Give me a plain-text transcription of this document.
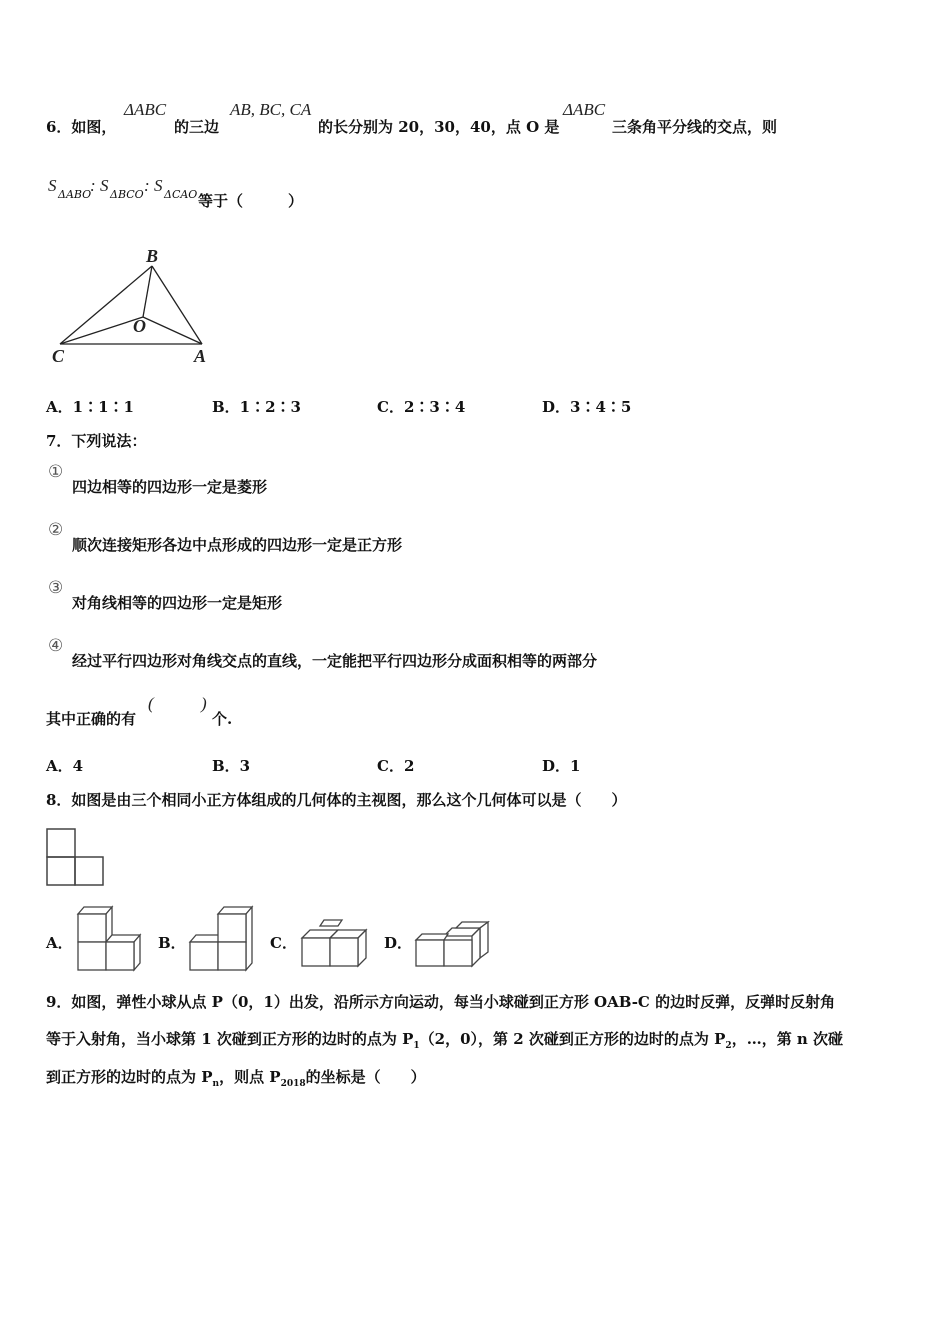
6．如图，
ΔABC
的三边
AB, BC, CA
的长分别为 20，30，40，点 O 是
ΔABC
三条角平分线的交点，则
S ΔABO
: S ΔBCO : S ΔCAO 等于（　　　）
B
O
C	A
A．1∶1∶1	B．1∶2∶3	C．2∶3∶4	D．3∶4∶5
7．下列说法：
①
四边相等的四边形一定是菱形
②
顺次连接矩形各边中点形成的四边形一定是正方形
③
对角线相等的四边形一定是矩形
④
经过平行四边形对角线交点的直线，一定能把平行四边形分成面积相等的两部分
其中正确的有
(	)
个.
A．4	B．3	C．2	D．1
8．如图是由三个相同小正方体组成的几何体的主视图，那么这个几何体可以是（　　）
A．	B．	C．	D．
9．如图，弹性小球从点 P（0，1）出发，沿所示方向运动，每当小球碰到正方形 OAB-C 的边时反弹，反弹时反射角
等于入射角，当小球第 1 次碰到正方形的边时的点为 $P_1(2$，0），第 2 次碰到正方形的边时的点为 $P_2$，…，第 n 次碰
到正方形的边时的点为 $P_n$，则点 $P_{2018}$的坐标是（　　）
